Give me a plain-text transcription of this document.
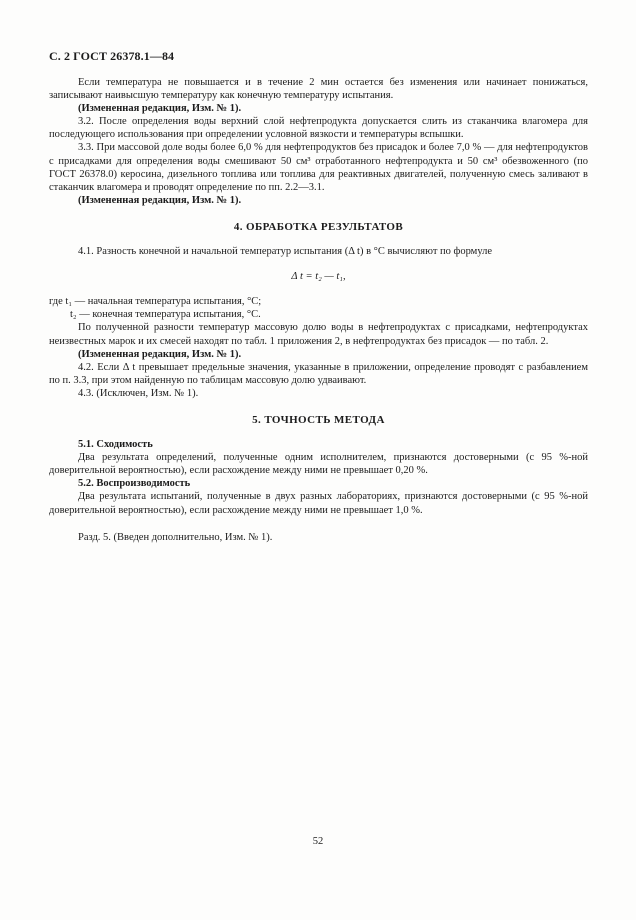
С. 2 ГОСТ 26378.1—84

Если температура не повышается и в течение 2 мин остается без изменения или начинает понижаться, записывают наивысшую температуру как конечную температуру испытания.

(Измененная редакция, Изм. № 1).

3.2. После определения воды верхний слой нефтепродукта допускается слить из стаканчика влагомера для последующего использования при определении условной вязкости и температуры вспышки.

3.3. При массовой доле воды более 6,0 % для нефтепродуктов без присадок и более 7,0 % — для нефтепродуктов с присадками для определения воды смешивают 50 см³ отработанного нефтепродукта и 50 см³ обезвоженного (по ГОСТ 26378.0) керосина, дизельного топлива или топлива для реактивных двигателей, полученную смесь заливают в стаканчик влагомера и проводят определение по пп. 2.2—3.1.

(Измененная редакция, Изм. № 1).

4. ОБРАБОТКА РЕЗУЛЬТАТОВ

4.1. Разность конечной и начальной температур испытания (Δ t) в °С вычисляют по формуле

Δ t = t₂ — t₁,

где t₁ — начальная температура испытания, °С;

t₂ — конечная температура испытания, °С.

По полученной разности температур массовую долю воды в нефтепродуктах с присадками, нефтепродуктах неизвестных марок и их смесей находят по табл. 1 приложения 2, в нефтепродуктах без присадок — по табл. 2.

(Измененная редакция, Изм. № 1).

4.2. Если Δ t превышает предельные значения, указанные в приложении, определение проводят с разбавлением по п. 3.3, при этом найденную по таблицам массовую долю удваивают.

4.3. (Исключен, Изм. № 1).

5. ТОЧНОСТЬ МЕТОДА

5.1. Сходимость

Два результата определений, полученные одним исполнителем, признаются достоверными (с 95 %-ной доверительной вероятностью), если расхождение между ними не превышает 0,20 %.

5.2. Воспроизводимость

Два результата испытаний, полученные в двух разных лабораториях, признаются достоверными (с 95 %-ной доверительной вероятностью), если расхождение между ними не превышает 1,0 %.

Разд. 5. (Введен дополнительно, Изм. № 1).

52
